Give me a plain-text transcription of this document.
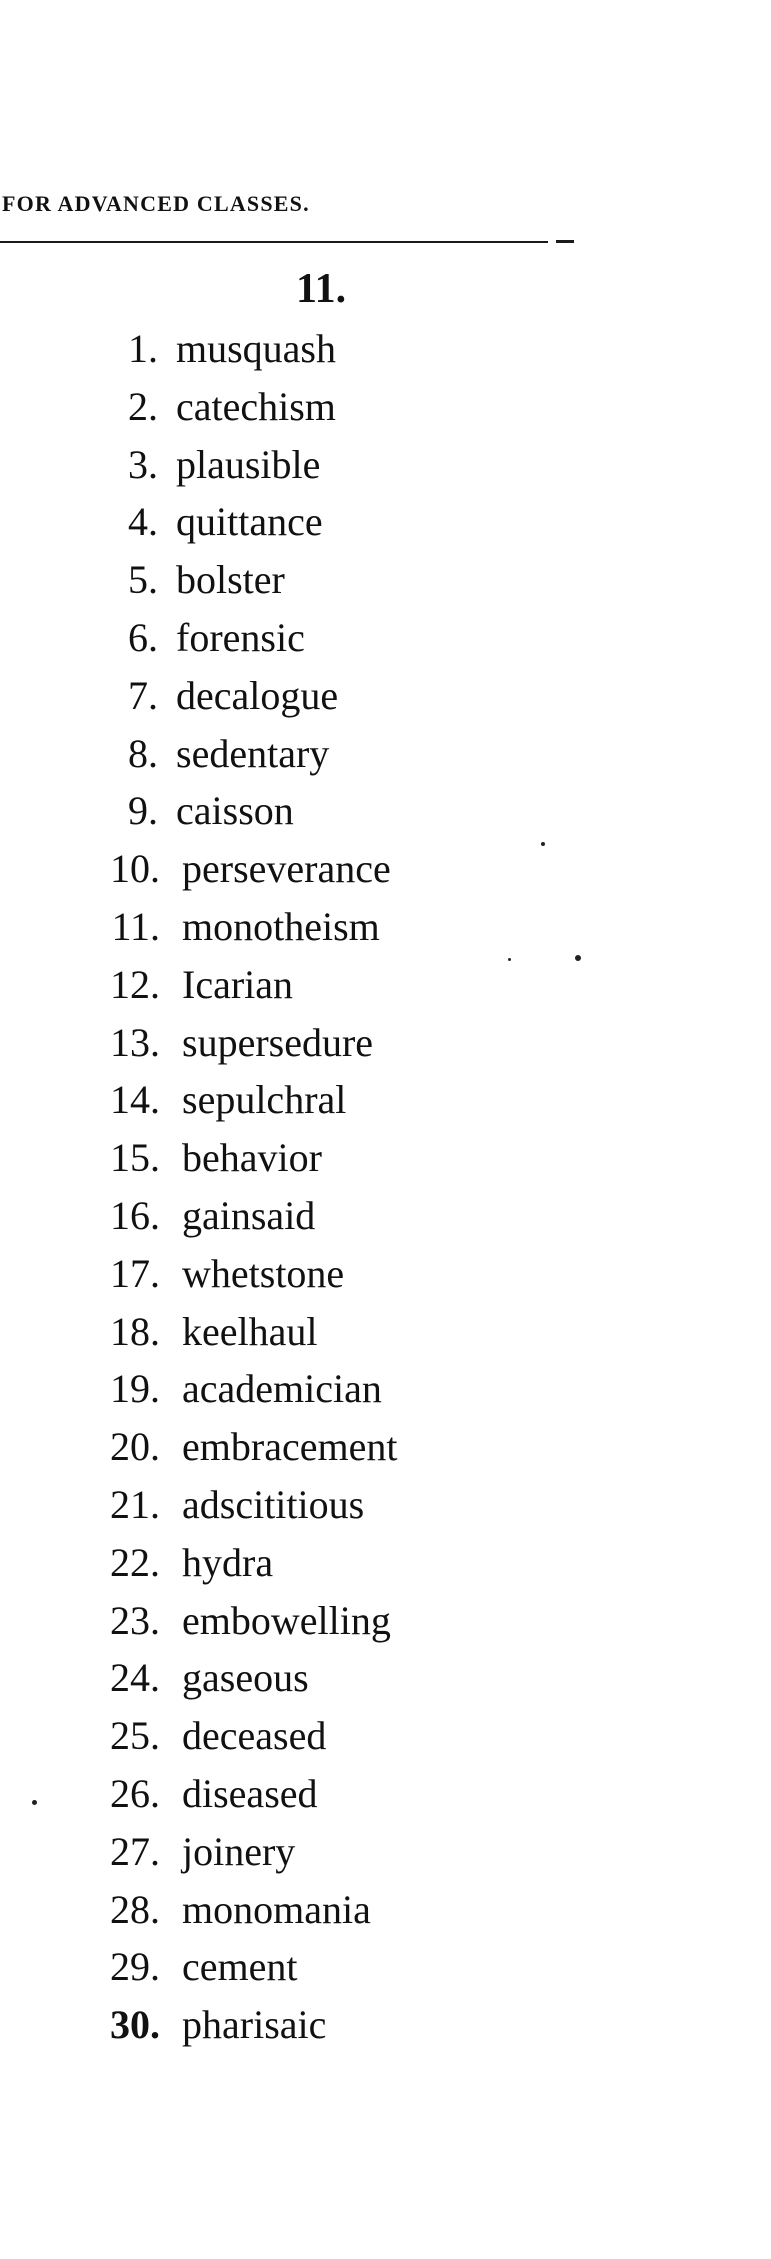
FOR ADVANCED CLASSES.
11.
1. musquash
2. catechism
3. plausible
4. quittance
5. bolster
6. forensic
7. decalogue
8. sedentary
9. caisson
10. perseverance
11. monotheism
12. Icarian
13. supersedure
14. sepulchral
15. behavior
16. gainsaid
17. whetstone
18. keelhaul
19. academician
20. embracement
21. adscititious
22. hydra
23. embowelling
24. gaseous
25. deceased
26. diseased
27. joinery
28. monomania
29. cement
30. pharisaic
